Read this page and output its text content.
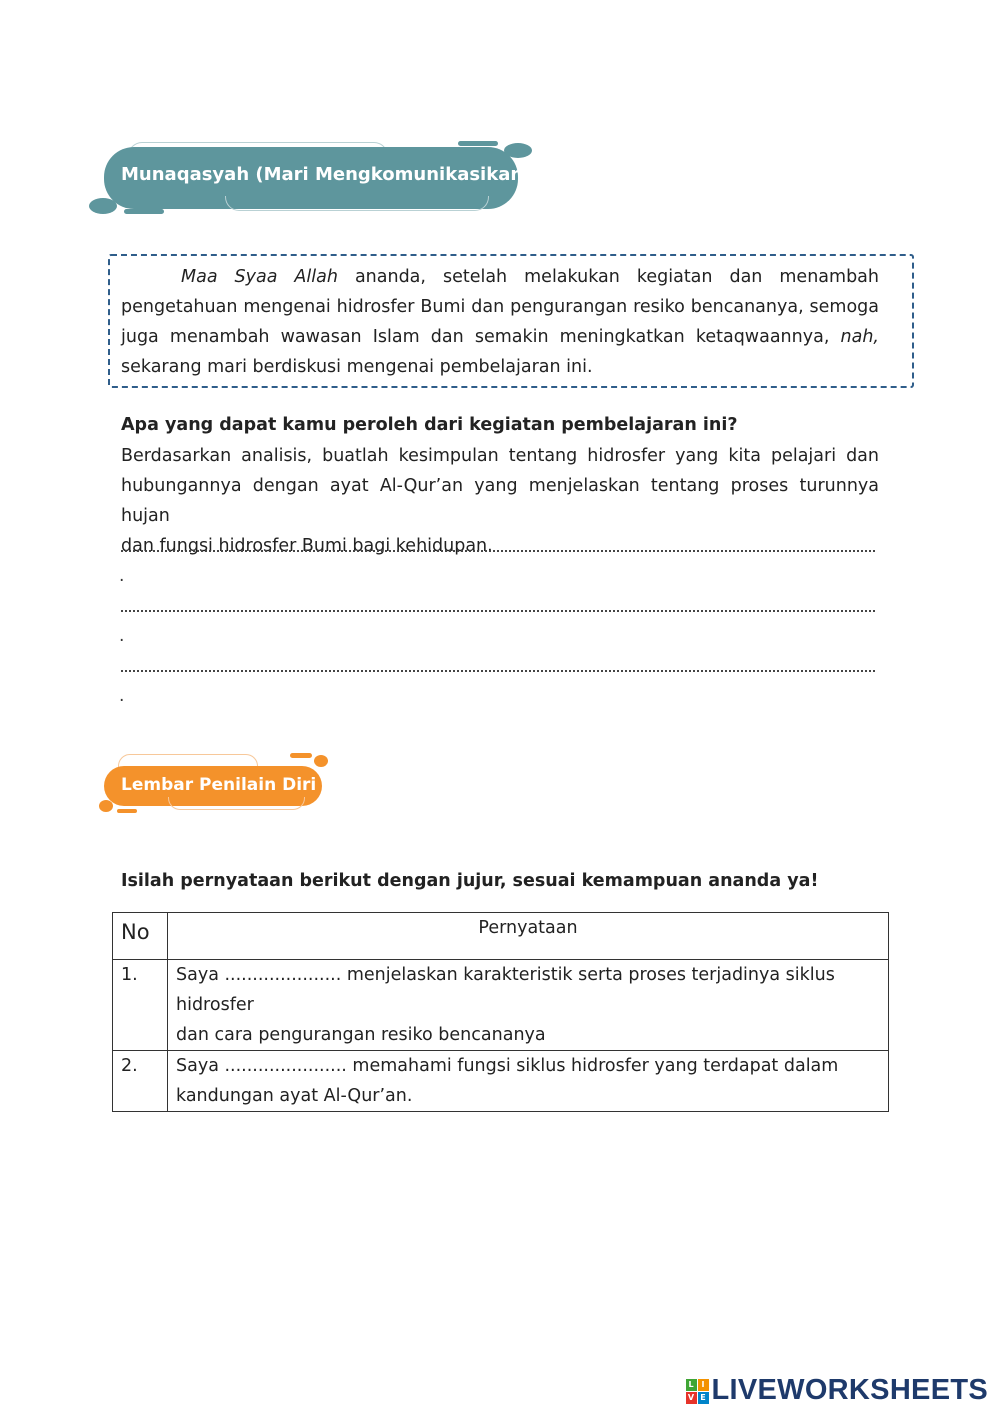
Munaqasyah (Mari Mengkomunikasikan)
Maa Syaa Allah ananda, setelah melakukan kegiatan dan menambah
pengetahuan mengenai hidrosfer Bumi dan pengurangan resiko bencananya, semoga
juga menambah wawasan Islam dan semakin meningkatkan ketaqwaannya, nah,
sekarang mari berdiskusi mengenai pembelajaran ini.
Apa yang dapat kamu peroleh dari kegiatan pembelajaran ini?
Berdasarkan analisis, buatlah kesimpulan tentang hidrosfer yang kita pelajari dan
hubungannya dengan ayat Al-Qur’an yang menjelaskan tentang proses turunnya hujan
dan fungsi hidrosfer Bumi bagi kehidupan.
.
.
.
Lembar Penilain Diri
Isilah pernyataan berikut dengan jujur, sesuai kemampuan ananda ya!
No	Pernyataan
1.	Saya ..................... menjelaskan karakteristik serta proses terjadinya siklus hidrosfer
dan cara pengurangan resiko bencananya

2.	Saya ...................... memahami fungsi siklus hidrosfer yang terdapat dalam
kandungan ayat Al-Qur’an.
L I
V E LIVEWORKSHEETS
